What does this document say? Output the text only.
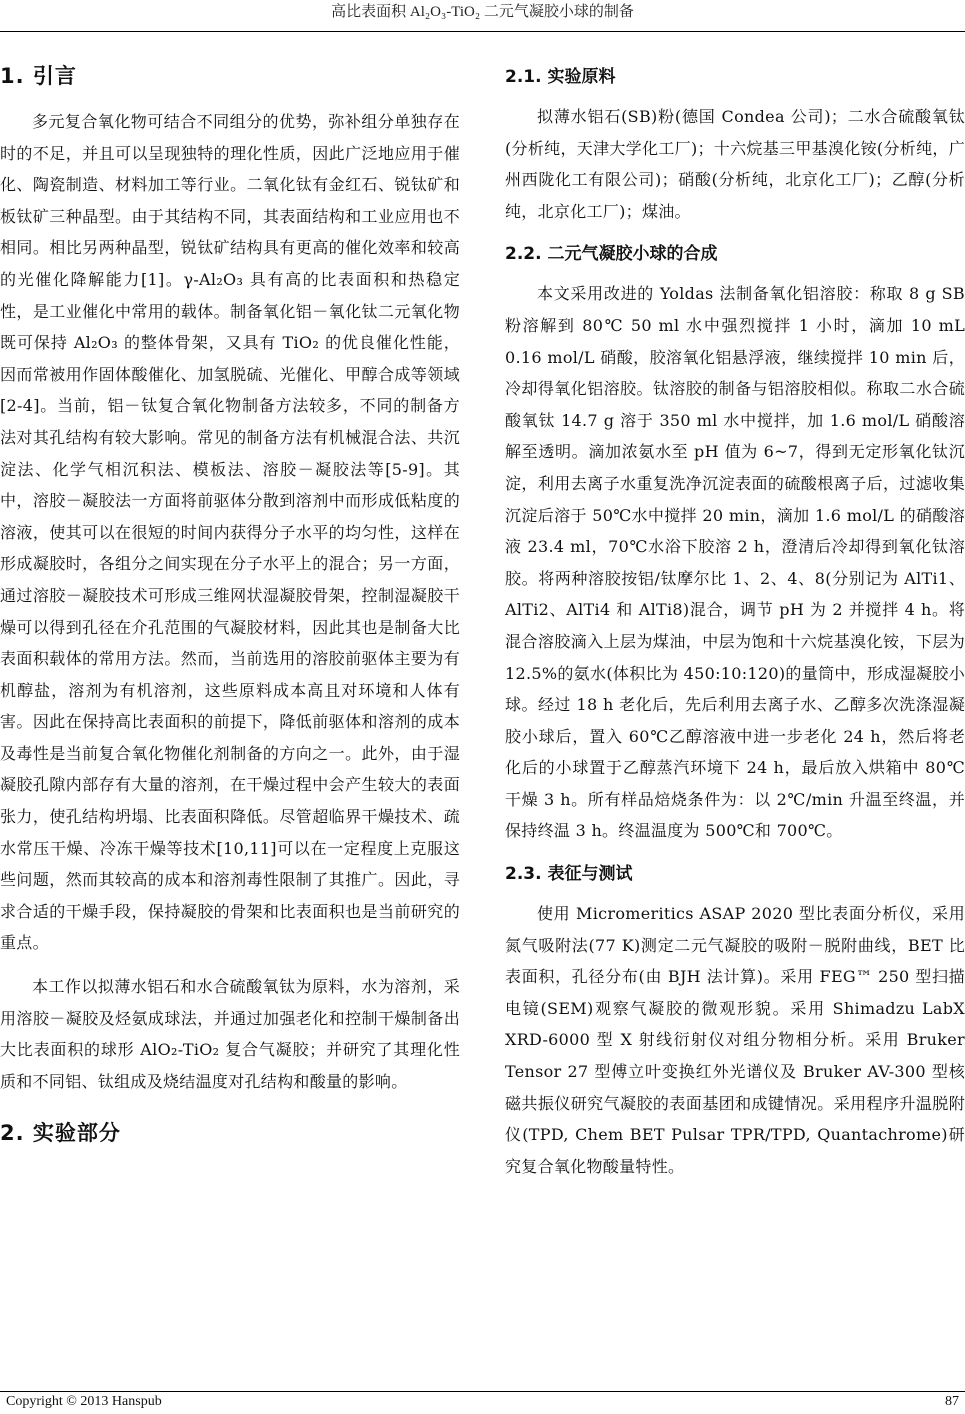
高比表面积 Al₂O₃-TiO₂ 二元气凝胶小球的制备
1. 引言

多元复合氧化物可结合不同组分的优势，弥补组分单独存在时的不足，并且可以呈现独特的理化性质，因此广泛地应用于催化、陶瓷制造、材料加工等行业。二氧化钛有金红石、锐钛矿和板钛矿三种晶型。由于其结构不同，其表面结构和工业应用也不相同。相比另两种晶型，锐钛矿结构具有更高的催化效率和较高的光催化降解能力[1]。γ-Al₂O₃ 具有高的比表面积和热稳定性，是工业催化中常用的载体。制备氧化铝－氧化钛二元氧化物既可保持 Al₂O₃ 的整体骨架，又具有 TiO₂ 的优良催化性能，因而常被用作固体酸催化、加氢脱硫、光催化、甲醇合成等领域[2-4]。当前，铝－钛复合氧化物制备方法较多，不同的制备方法对其孔结构有较大影响。常见的制备方法有机械混合法、共沉淀法、化学气相沉积法、模板法、溶胶－凝胶法等[5-9]。其中，溶胶－凝胶法一方面将前驱体分散到溶剂中而形成低粘度的溶液，使其可以在很短的时间内获得分子水平的均匀性，这样在形成凝胶时，各组分之间实现在分子水平上的混合；另一方面，通过溶胶－凝胶技术可形成三维网状湿凝胶骨架，控制湿凝胶干燥可以得到孔径在介孔范围的气凝胶材料，因此其也是制备大比表面积载体的常用方法。然而，当前选用的溶胶前驱体主要为有机醇盐，溶剂为有机溶剂，这些原料成本高且对环境和人体有害。因此在保持高比表面积的前提下，降低前驱体和溶剂的成本及毒性是当前复合氧化物催化剂制备的方向之一。此外，由于湿凝胶孔隙内部存有大量的溶剂，在干燥过程中会产生较大的表面张力，使孔结构坍塌、比表面积降低。尽管超临界干燥技术、疏水常压干燥、冷冻干燥等技术[10,11]可以在一定程度上克服这些问题，然而其较高的成本和溶剂毒性限制了其推广。因此，寻求合适的干燥手段，保持凝胶的骨架和比表面积也是当前研究的重点。

本工作以拟薄水铝石和水合硫酸氧钛为原料，水为溶剂，采用溶胶－凝胶及烃氨成球法，并通过加强老化和控制干燥制备出大比表面积的球形 AlO₂-TiO₂ 复合气凝胶；并研究了其理化性质和不同铝、钛组成及烧结温度对孔结构和酸量的影响。

2. 实验部分
2.1. 实验原料

拟薄水铝石(SB)粉(德国 Condea 公司)；二水合硫酸氧钛(分析纯，天津大学化工厂)；十六烷基三甲基溴化铵(分析纯，广州西陇化工有限公司)；硝酸(分析纯，北京化工厂)；乙醇(分析纯，北京化工厂)；煤油。

2.2. 二元气凝胶小球的合成

本文采用改进的 Yoldas 法制备氧化铝溶胶：称取 8 g SB 粉溶解到 80℃ 50 ml 水中强烈搅拌 1 小时，滴加 10 mL 0.16 mol/L 硝酸，胶溶氧化铝悬浮液，继续搅拌 10 min 后，冷却得氧化铝溶胶。钛溶胶的制备与铝溶胶相似。称取二水合硫酸氧钛 14.7 g 溶于 350 ml 水中搅拌，加 1.6 mol/L 硝酸溶解至透明。滴加浓氨水至 pH 值为 6~7，得到无定形氧化钛沉淀，利用去离子水重复洗净沉淀表面的硫酸根离子后，过滤收集沉淀后溶于 50℃水中搅拌 20 min，滴加 1.6 mol/L 的硝酸溶液 23.4 ml，70℃水浴下胶溶 2 h，澄清后冷却得到氧化钛溶胶。将两种溶胶按铝/钛摩尔比 1、2、4、8(分别记为 AlTi1、AlTi2、AlTi4 和 AlTi8)混合，调节 pH 为 2 并搅拌 4 h。将混合溶胶滴入上层为煤油，中层为饱和十六烷基溴化铵，下层为 12.5%的氨水(体积比为 450:10:120)的量筒中，形成湿凝胶小球。经过 18 h 老化后，先后利用去离子水、乙醇多次洗涤湿凝胶小球后，置入 60℃乙醇溶液中进一步老化 24 h，然后将老化后的小球置于乙醇蒸汽环境下 24 h，最后放入烘箱中 80℃干燥 3 h。所有样品焙烧条件为：以 2℃/min 升温至终温，并保持终温 3 h。终温温度为 500℃和 700℃。

2.3. 表征与测试

使用 Micromeritics ASAP 2020 型比表面分析仪，采用氮气吸附法(77 K)测定二元气凝胶的吸附－脱附曲线，BET 比表面积，孔径分布(由 BJH 法计算)。采用 FEG™ 250 型扫描电镜(SEM)观察气凝胶的微观形貌。采用 Shimadzu LabX XRD-6000 型 X 射线衍射仪对组分物相分析。采用 Bruker Tensor 27 型傅立叶变换红外光谱仪及 Bruker AV-300 型核磁共振仪研究气凝胶的表面基团和成键情况。采用程序升温脱附仪(TPD, Chem BET Pulsar TPR/TPD, Quantachrome)研究复合氧化物酸量特性。

Copyright © 2013 Hanspub	87
